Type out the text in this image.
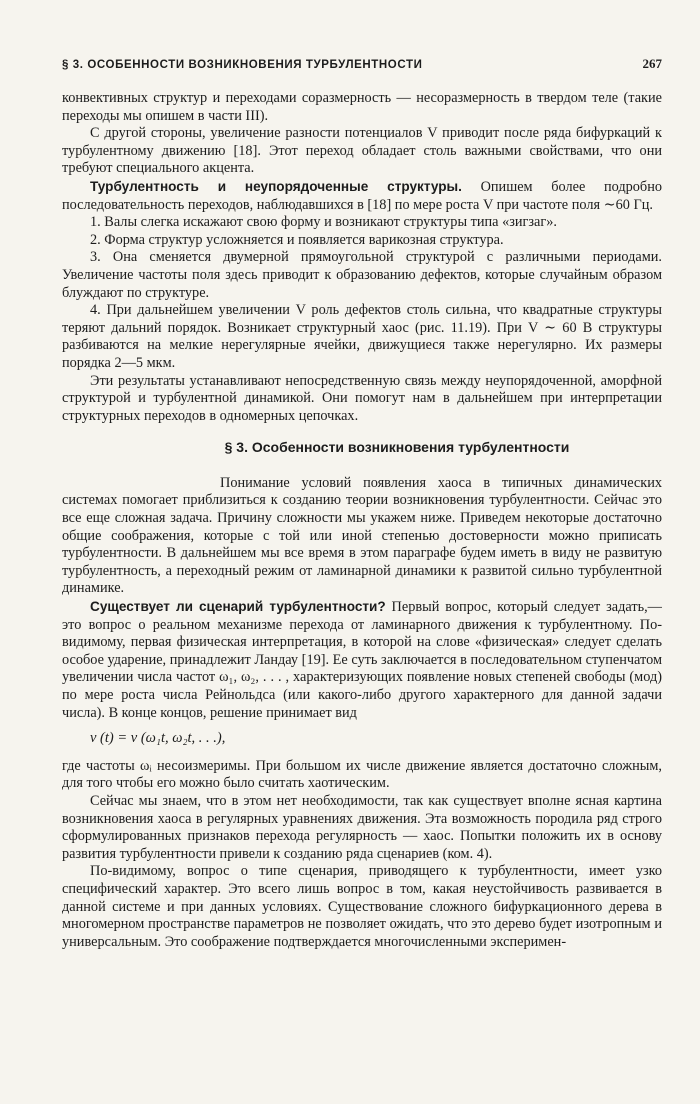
§ 3. ОСОБЕННОСТИ ВОЗНИКНОВЕНИЯ ТУРБУЛЕНТНОСТИ	267

конвективных структур и переходами соразмерность — несоразмерность в твердом теле (такие переходы мы опишем в части III).

С другой стороны, увеличение разности потенциалов V приводит после ряда бифуркаций к турбулентному движению [18]. Этот переход обладает столь важными свойствами, что они требуют специального акцента.

Турбулентность и неупорядоченные структуры. Опишем более подробно последовательность переходов, наблюдавшихся в [18] по мере роста V при частоте поля ∼60 Гц.

1. Валы слегка искажают свою форму и возникают структуры типа «зигзаг».

2. Форма структур усложняется и появляется варикозная структура.

3. Она сменяется двумерной прямоугольной структурой с различными периодами. Увеличение частоты поля здесь приводит к образованию дефектов, которые случайным образом блуждают по структуре.

4. При дальнейшем увеличении V роль дефектов столь сильна, что квадратные структуры теряют дальний порядок. Возникает структурный хаос (рис. 11.19). При V ∼ 60 В структуры разбиваются на мелкие нерегулярные ячейки, движущиеся также нерегулярно. Их размеры порядка 2—5 мкм.

Эти результаты устанавливают непосредственную связь между неупорядоченной, аморфной структурой и турбулентной динамикой. Они помогут нам в дальнейшем при интерпретации структурных переходов в одномерных цепочках.

§ 3. Особенности возникновения турбулентности

Понимание условий появления хаоса в типичных динамических системах помогает приблизиться к созданию теории возникновения турбулентности. Сейчас это все еще сложная задача. Причину сложности мы укажем ниже. Приведем некоторые достаточно общие соображения, которые с той или иной степенью достоверности можно приписать турбулентности. В дальнейшем мы все время в этом параграфе будем иметь в виду не развитую турбулентность, а переходный режим от ламинарной динамики к развитой сильно турбулентной динамике.

Существует ли сценарий турбулентности? Первый вопрос, который следует задать,— это вопрос о реальном механизме перехода от ламинарного движения к турбулентному. По-видимому, первая физическая интерпретация, в которой на слове «физическая» следует сделать особое ударение, принадлежит Ландау [19]. Ее суть заключается в последовательном ступенчатом увеличении числа частот ω₁, ω₂, . . . , характеризующих появление новых степеней свободы (мод) по мере роста числа Рейнольдса (или какого-либо другого характерного для данной задачи числа). В конце концов, решение принимает вид

v (t) = v (ω₁t, ω₂t, . . .),

где частоты ωᵢ несоизмеримы. При большом их числе движение является достаточно сложным, для того чтобы его можно было считать хаотическим.

Сейчас мы знаем, что в этом нет необходимости, так как существует вполне ясная картина возникновения хаоса в регулярных уравнениях движения. Эта возможность породила ряд строго сформулированных признаков перехода регулярность — хаос. Попытки положить их в основу развития турбулентности привели к созданию ряда сценариев (ком. 4).

По-видимому, вопрос о типе сценария, приводящего к турбулентности, имеет узко специфический характер. Это всего лишь вопрос в том, какая неустойчивость развивается в данной системе и при данных условиях. Существование сложного бифуркационного дерева в многомерном пространстве параметров не позволяет ожидать, что это дерево будет изотропным и универсальным. Это соображение подтверждается многочисленными эксперимен-
